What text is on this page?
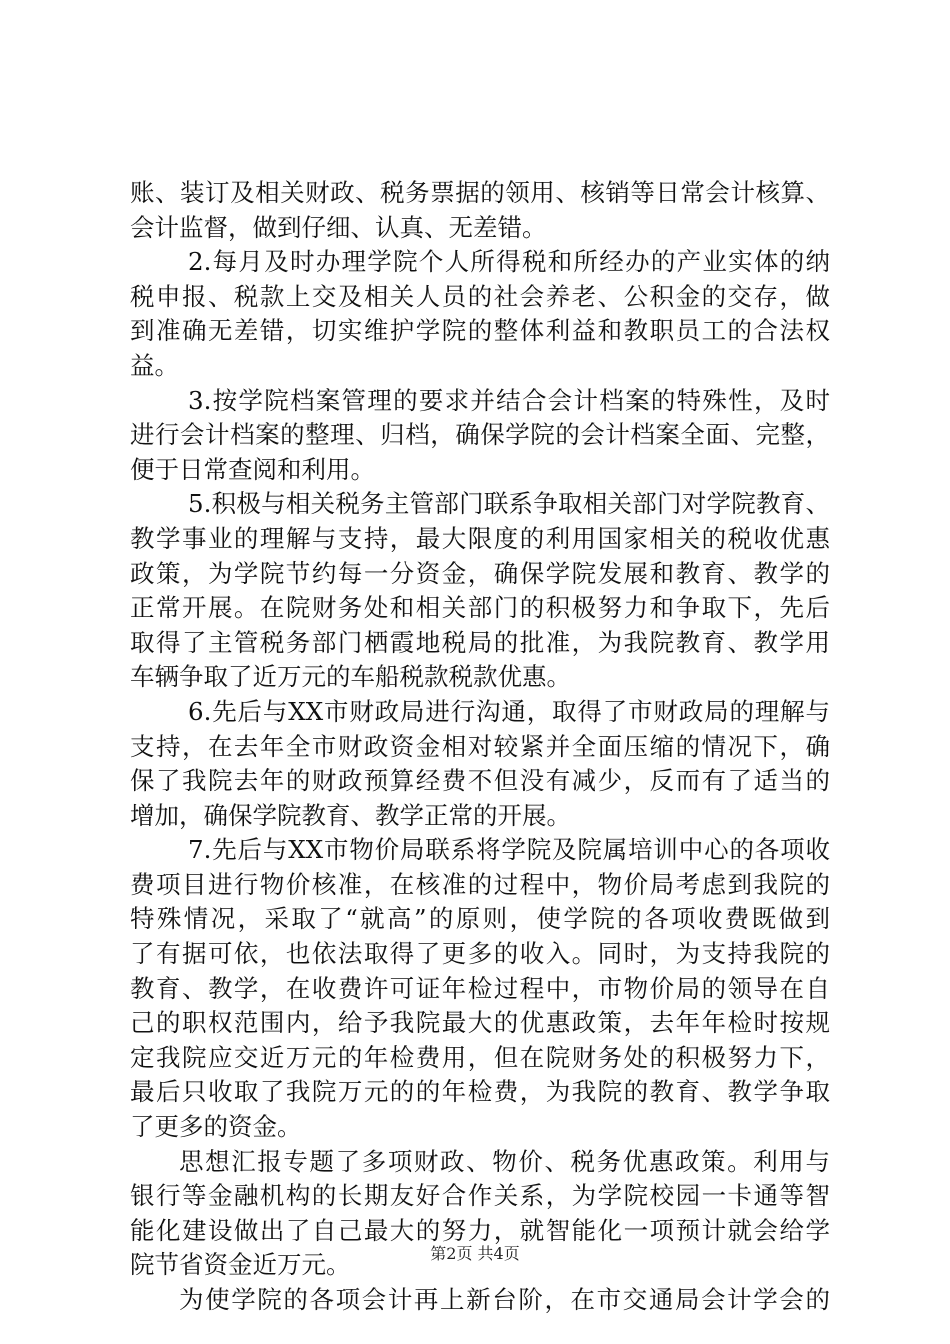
账、装订及相关财政、税务票据的领用、核销等日常会计核算、
会计监督，做到仔细、认真、无差错。
2.每月及时办理学院个人所得税和所经办的产业实体的纳
税申报、税款上交及相关人员的社会养老、公积金的交存，做
到准确无差错，切实维护学院的整体利益和教职员工的合法权
益。
3.按学院档案管理的要求并结合会计档案的特殊性，及时
进行会计档案的整理、归档，确保学院的会计档案全面、完整，
便于日常查阅和利用。
5.积极与相关税务主管部门联系争取相关部门对学院教育、
教学事业的理解与支持，最大限度的利用国家相关的税收优惠
政策，为学院节约每一分资金，确保学院发展和教育、教学的
正常开展。在院财务处和相关部门的积极努力和争取下，先后
取得了主管税务部门栖霞地税局的批准，为我院教育、教学用
车辆争取了近万元的车船税款税款优惠。
6.先后与XX市财政局进行沟通，取得了市财政局的理解与
支持，在去年全市财政资金相对较紧并全面压缩的情况下，确
保了我院去年的财政预算经费不但没有减少，反而有了适当的
增加，确保学院教育、教学正常的开展。
7.先后与XX市物价局联系将学院及院属培训中心的各项收
费项目进行物价核准，在核准的过程中，物价局考虑到我院的
特殊情况，采取了“就高”的原则，使学院的各项收费既做到
了有据可依，也依法取得了更多的收入。同时，为支持我院的
教育、教学，在收费许可证年检过程中，市物价局的领导在自
己的职权范围内，给予我院最大的优惠政策，去年年检时按规
定我院应交近万元的年检费用，但在院财务处的积极努力下，
最后只收取了我院万元的的年检费，为我院的教育、教学争取
了更多的资金。
思想汇报专题了多项财政、物价、税务优惠政策。利用与
银行等金融机构的长期友好合作关系，为学院校园一卡通等智
能化建设做出了自己最大的努力，就智能化一项预计就会给学
院节省资金近万元。
为使学院的各项会计再上新台阶，在市交通局会计学会的
第2页 共4页
